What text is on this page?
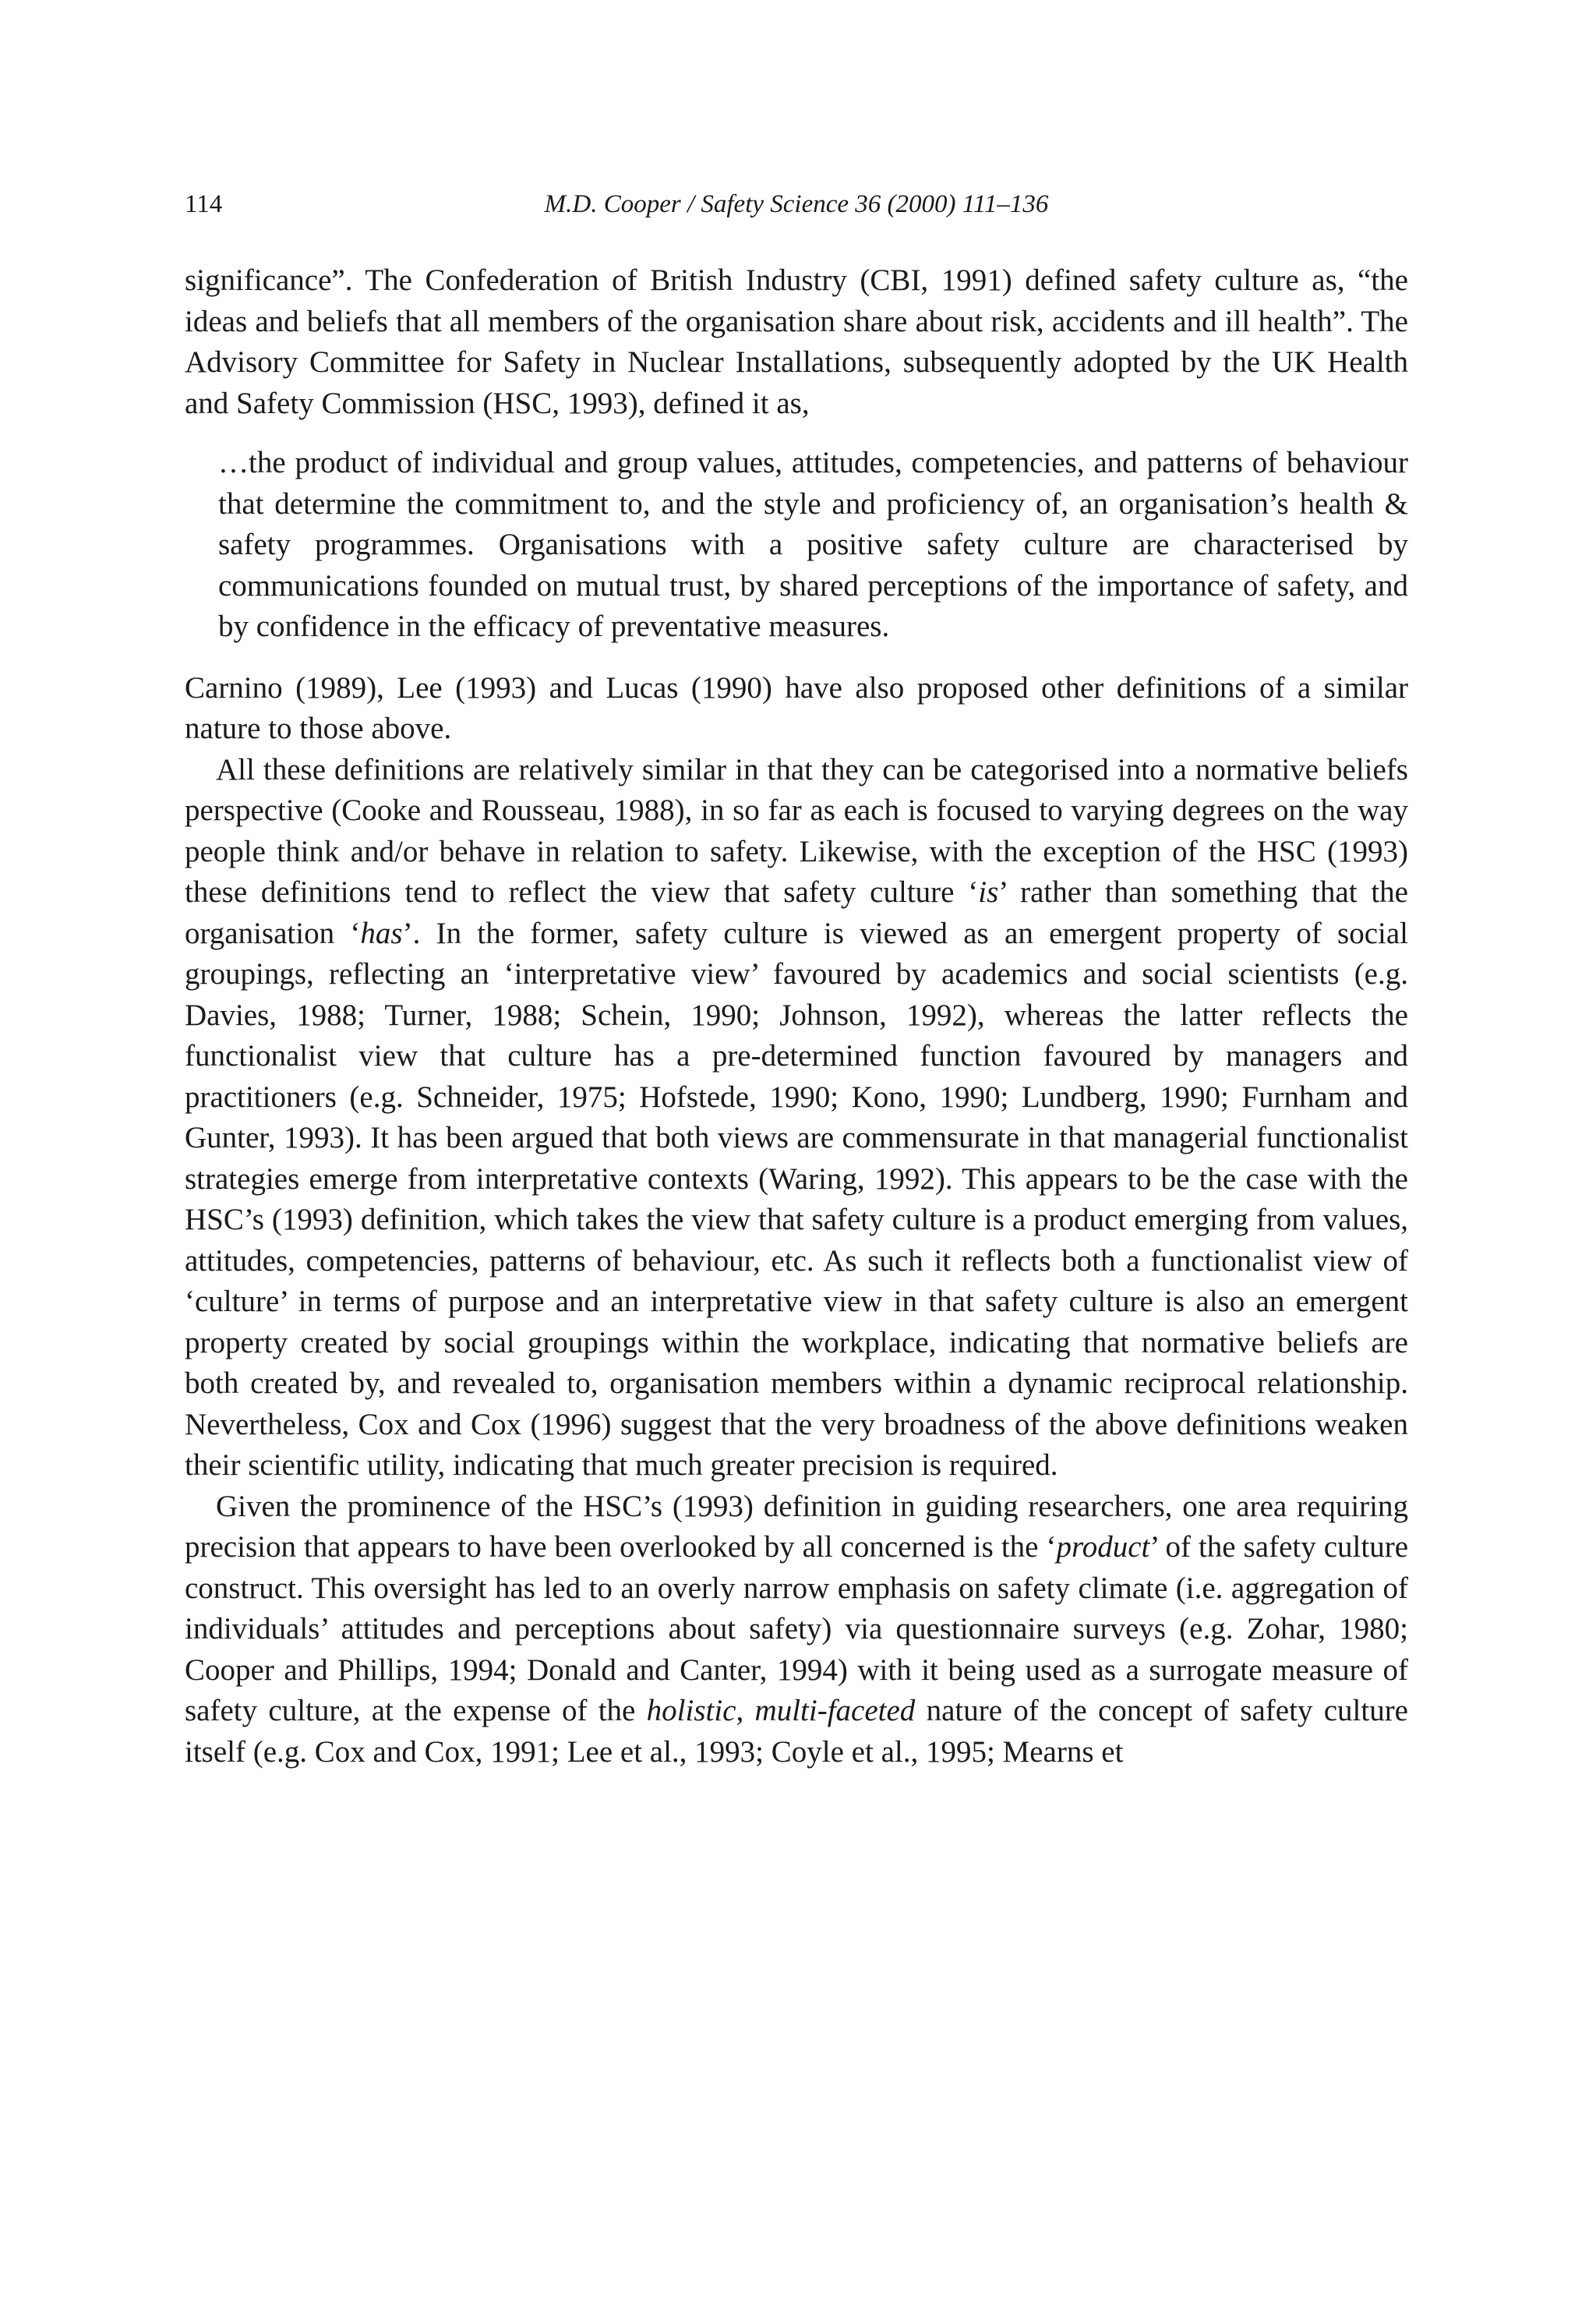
114	M.D. Cooper / Safety Science 36 (2000) 111–136

significance”. The Confederation of British Industry (CBI, 1991) defined safety culture as, “the ideas and beliefs that all members of the organisation share about risk, accidents and ill health”. The Advisory Committee for Safety in Nuclear Installations, subsequently adopted by the UK Health and Safety Commission (HSC, 1993), defined it as,

…the product of individual and group values, attitudes, competencies, and patterns of behaviour that determine the commitment to, and the style and proficiency of, an organisation’s health & safety programmes. Organisations with a positive safety culture are characterised by communications founded on mutual trust, by shared perceptions of the importance of safety, and by confidence in the efficacy of preventative measures.

Carnino (1989), Lee (1993) and Lucas (1990) have also proposed other definitions of a similar nature to those above.

All these definitions are relatively similar in that they can be categorised into a normative beliefs perspective (Cooke and Rousseau, 1988), in so far as each is focused to varying degrees on the way people think and/or behave in relation to safety. Likewise, with the exception of the HSC (1993) these definitions tend to reflect the view that safety culture ‘is’ rather than something that the organisation ‘has’. In the former, safety culture is viewed as an emergent property of social groupings, reflecting an ‘interpretative view’ favoured by academics and social scientists (e.g. Davies, 1988; Turner, 1988; Schein, 1990; Johnson, 1992), whereas the latter reflects the functionalist view that culture has a pre-determined function favoured by managers and practitioners (e.g. Schneider, 1975; Hofstede, 1990; Kono, 1990; Lundberg, 1990; Furnham and Gunter, 1993). It has been argued that both views are commensurate in that managerial functionalist strategies emerge from interpretative contexts (Waring, 1992). This appears to be the case with the HSC’s (1993) definition, which takes the view that safety culture is a product emerging from values, attitudes, competencies, patterns of behaviour, etc. As such it reflects both a functionalist view of ‘culture’ in terms of purpose and an interpretative view in that safety culture is also an emergent property created by social groupings within the workplace, indicating that normative beliefs are both created by, and revealed to, organisation members within a dynamic reciprocal relationship. Nevertheless, Cox and Cox (1996) suggest that the very broadness of the above definitions weaken their scientific utility, indicating that much greater precision is required.

Given the prominence of the HSC’s (1993) definition in guiding researchers, one area requiring precision that appears to have been overlooked by all concerned is the ‘product’ of the safety culture construct. This oversight has led to an overly narrow emphasis on safety climate (i.e. aggregation of individuals’ attitudes and perceptions about safety) via questionnaire surveys (e.g. Zohar, 1980; Cooper and Phillips, 1994; Donald and Canter, 1994) with it being used as a surrogate measure of safety culture, at the expense of the holistic, multi-faceted nature of the concept of safety culture itself (e.g. Cox and Cox, 1991; Lee et al., 1993; Coyle et al., 1995; Mearns et
